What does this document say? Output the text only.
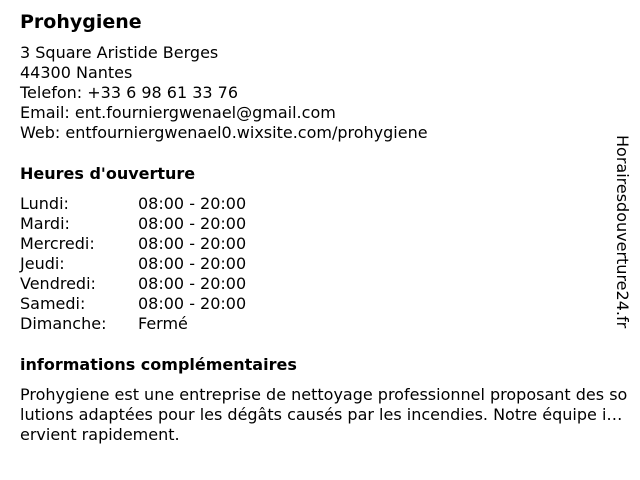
Prohygiene
3 Square Aristide Berges
44300 Nantes
Telefon: +33 6 98 61 33 76
Email: ent.fourniergwenael@gmail.com
Web: entfourniergwenael0.wixsite.com/prohygiene
Heures d'ouverture
Lundi:	08:00 - 20:00
Mardi:	08:00 - 20:00
Mercredi:	08:00 - 20:00
Jeudi:	08:00 - 20:00
Vendredi:	08:00 - 20:00
Samedi:	08:00 - 20:00
Dimanche:	Fermé
informations complémentaires
Prohygiene est une entreprise de nettoyage professionnel proposant des solutions adaptées pour les dégâts causés par les incendies. Notre équipe intervient rapidement.
Horairesdouverture24.fr
